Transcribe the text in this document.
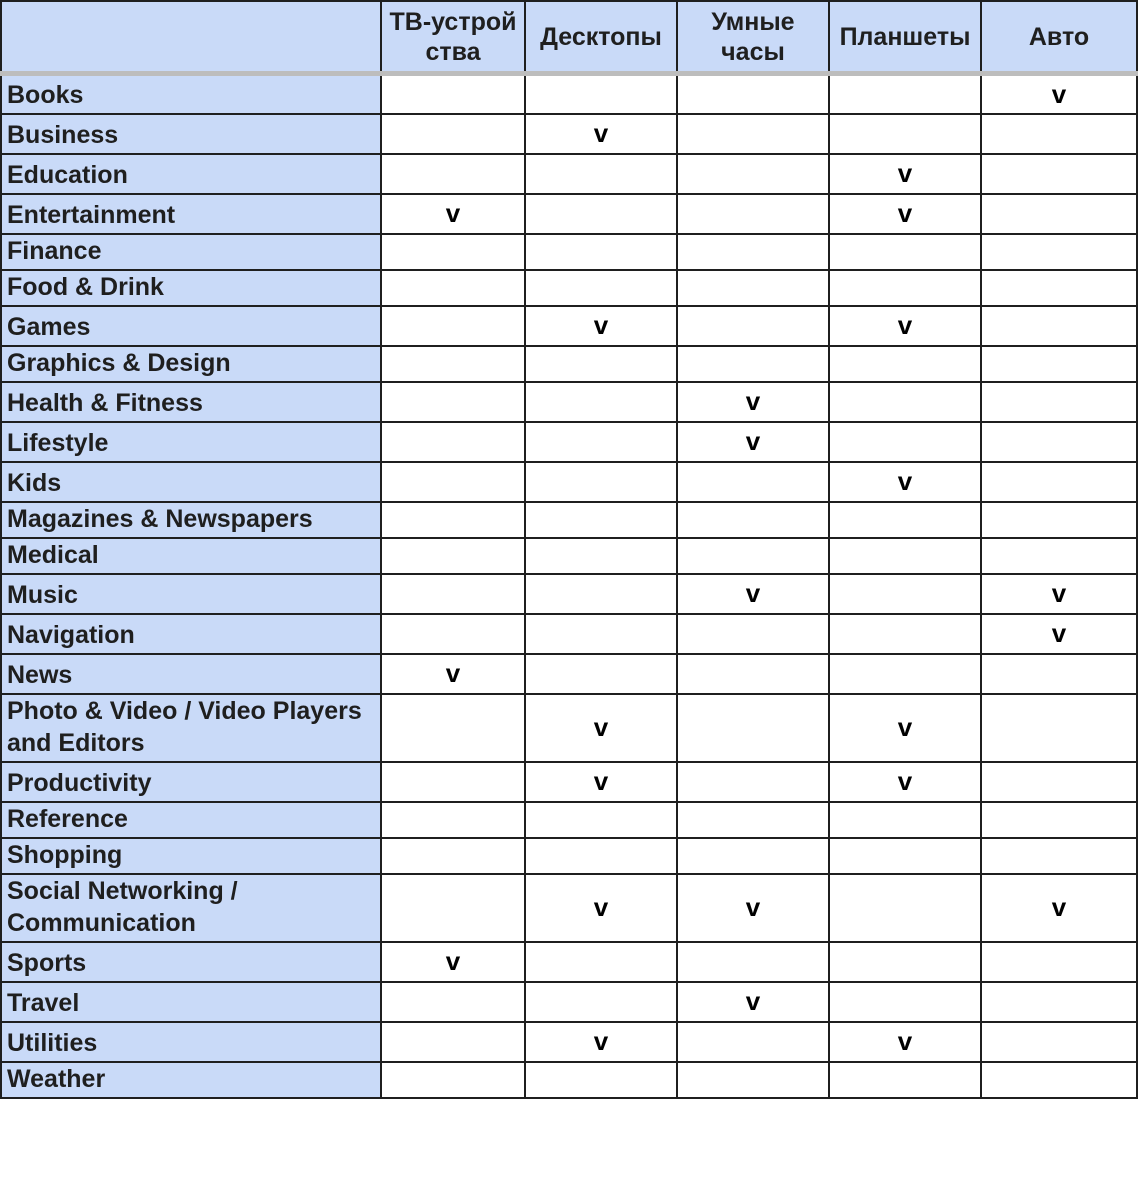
	ТВ-устрой ства	Десктопы	Умные часы	Планшеты	Авто
Books					v
Business		v			
Education				v	
Entertainment	v			v	
Finance					
Food & Drink					
Games		v		v	
Graphics & Design					
Health & Fitness			v		
Lifestyle			v		
Kids				v	
Magazines & Newspapers					
Medical					
Music			v		v
Navigation					v
News	v				
Photo & Video / Video Players and Editors		v		v	
Productivity		v		v	
Reference					
Shopping					
Social Networking / Communication		v	v		v
Sports	v				
Travel			v		
Utilities		v		v	
Weather					
